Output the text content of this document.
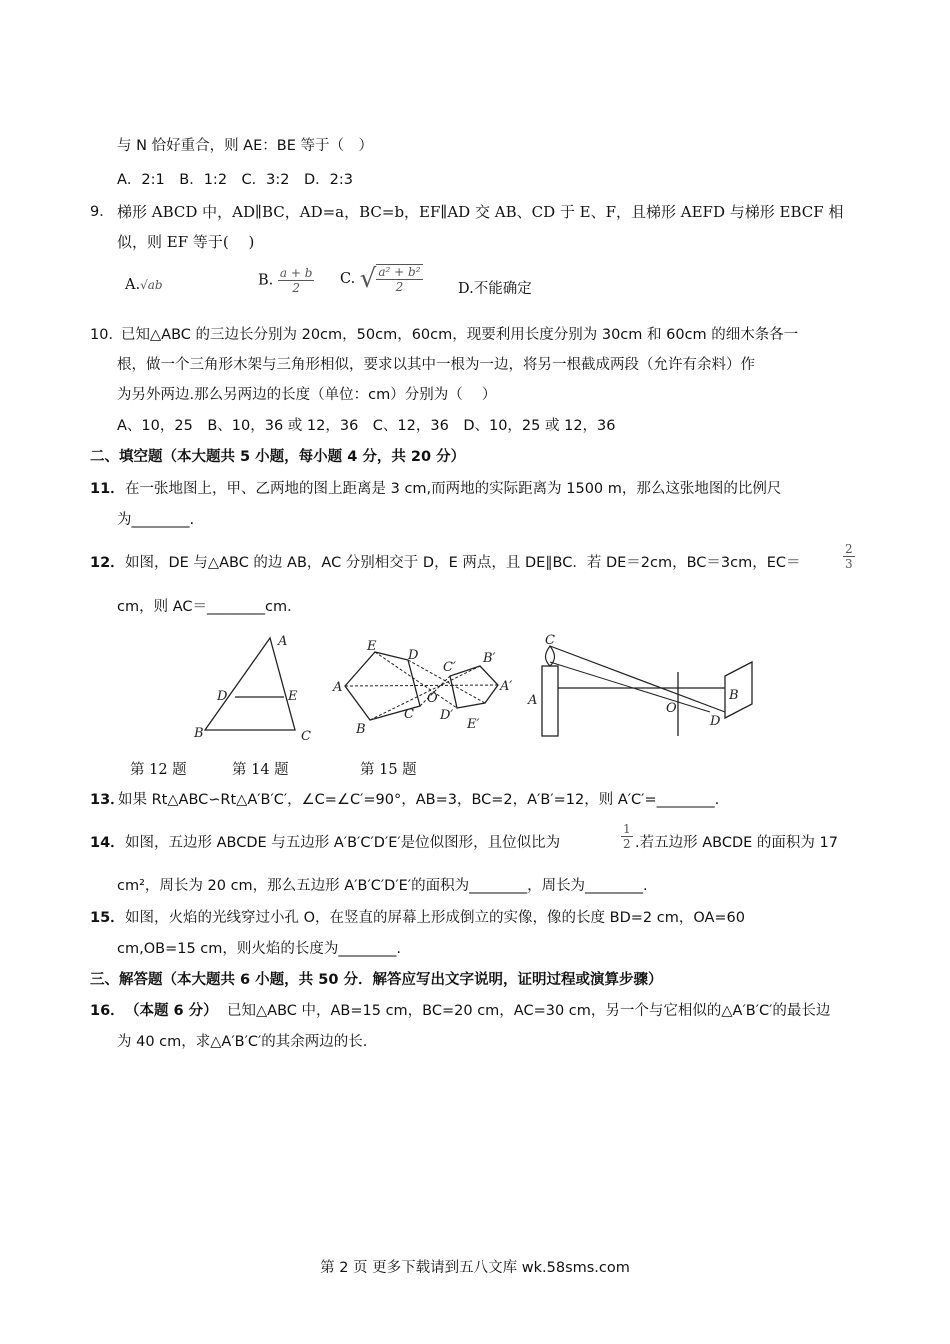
与 N 恰好重合，则 AE：BE 等于（　）
A．2:1　B．1:2　C．3:2　D．2:3
9． 梯形 ABCD 中，AD∥BC，AD=a，BC=b，EF∥AD 交 AB、CD 于 E、F，且梯形 AEFD 与梯形 EBCF 相
似，则 EF 等于(　 )
A.√ab	B. $\frac{a + b}{2} C$. √ $\frac{\text{a² + b²}}{2} D$.不能确定
10．
已知△ABC 的三边长分别为 20cm，50cm，60cm，现要利用长度分别为 30cm 和 60cm 的细木条各一
根，做一个三角形木架与三角形相似，要求以其中一根为一边，将另一根截成两段（允许有余料）作
为另外两边.那么另两边的长度（单位：cm）分别为（　 ）
A、10，25　B、10，36 或 12，36　C、12，36　D、10，25 或 12，36
二、填空题（本大题共 5 小题，每小题 4 分，共 20 分）
11． 在一张地图上，甲、乙两地的图上距离是 3 cm,而两地的实际距离为 1500 m，那么这张地图的比例尺
为________.
12． 如图，DE 与△ABC 的边 AB，AC 分别相交于 D，E 两点，且 DE∥BC．若 DE＝2cm，BC＝3cm，EC＝	$\frac{2}{3}$
cm，则 AC＝________cm．
A
D	E
B	C
E
D
A
B
C
O
C′
B′
A′
D′
E′
C
A
O
B
D
第 12 题	第 14 题	第 15 题
13．
如果 Rt△ABC∽Rt△A′B′C′，∠C=∠C′=90°，AB=3，BC=2，A′B′=12，则 A′C′=________.
14． 如图，五边形 ABCDE 与五边形 A′B′C′D′E′是位似图形，且位似比为	$\frac{1}{2}$ .若五边形 ABCDE 的面积为 17
cm²，周长为 20 cm，那么五边形 A′B′C′D′E′的面积为________，周长为________.
15． 如图，火焰的光线穿过小孔 O，在竖直的屏幕上形成倒立的实像，像的长度 BD=2 cm，OA=60
cm,OB=15 cm，则火焰的长度为________.
三、解答题（本大题共 6 小题，共 50 分．解答应写出文字说明，证明过程或演算步骤）
16． （本题 6 分） 已知△ABC 中，AB=15 cm，BC=20 cm，AC=30 cm，另一个与它相似的△A′B′C′的最长边
为 40 cm，求△A′B′C′的其余两边的长.
第 2 页 更多下载请到五八文库 wk.58sms.com
